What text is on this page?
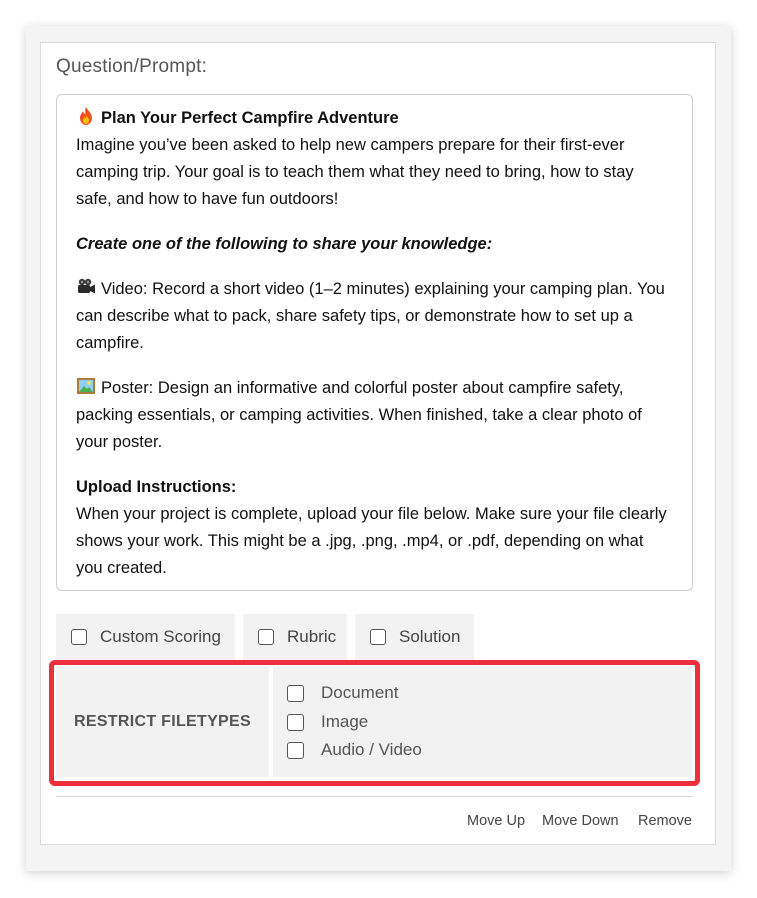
Question/Prompt:

Plan Your Perfect Campfire Adventure

Imagine you’ve been asked to help new campers prepare for their first-ever camping trip. Your goal is to teach them what they need to bring, how to stay safe, and how to have fun outdoors!

Create one of the following to share your knowledge:

Video: Record a short video (1–2 minutes) explaining your camping plan. You can describe what to pack, share safety tips, or demonstrate how to set up a campfire.

Poster: Design an informative and colorful poster about campfire safety, packing essentials, or camping activities. When finished, take a clear photo of your poster.

Upload Instructions:
When your project is complete, upload your file below. Make sure your file clearly shows your work. This might be a .jpg, .png, .mp4, or .pdf, depending on what you created.

Custom Scoring	Rubric	Solution
RESTRICT FILETYPES
Document
Image
Audio / Video
Move Up Move Down Remove
